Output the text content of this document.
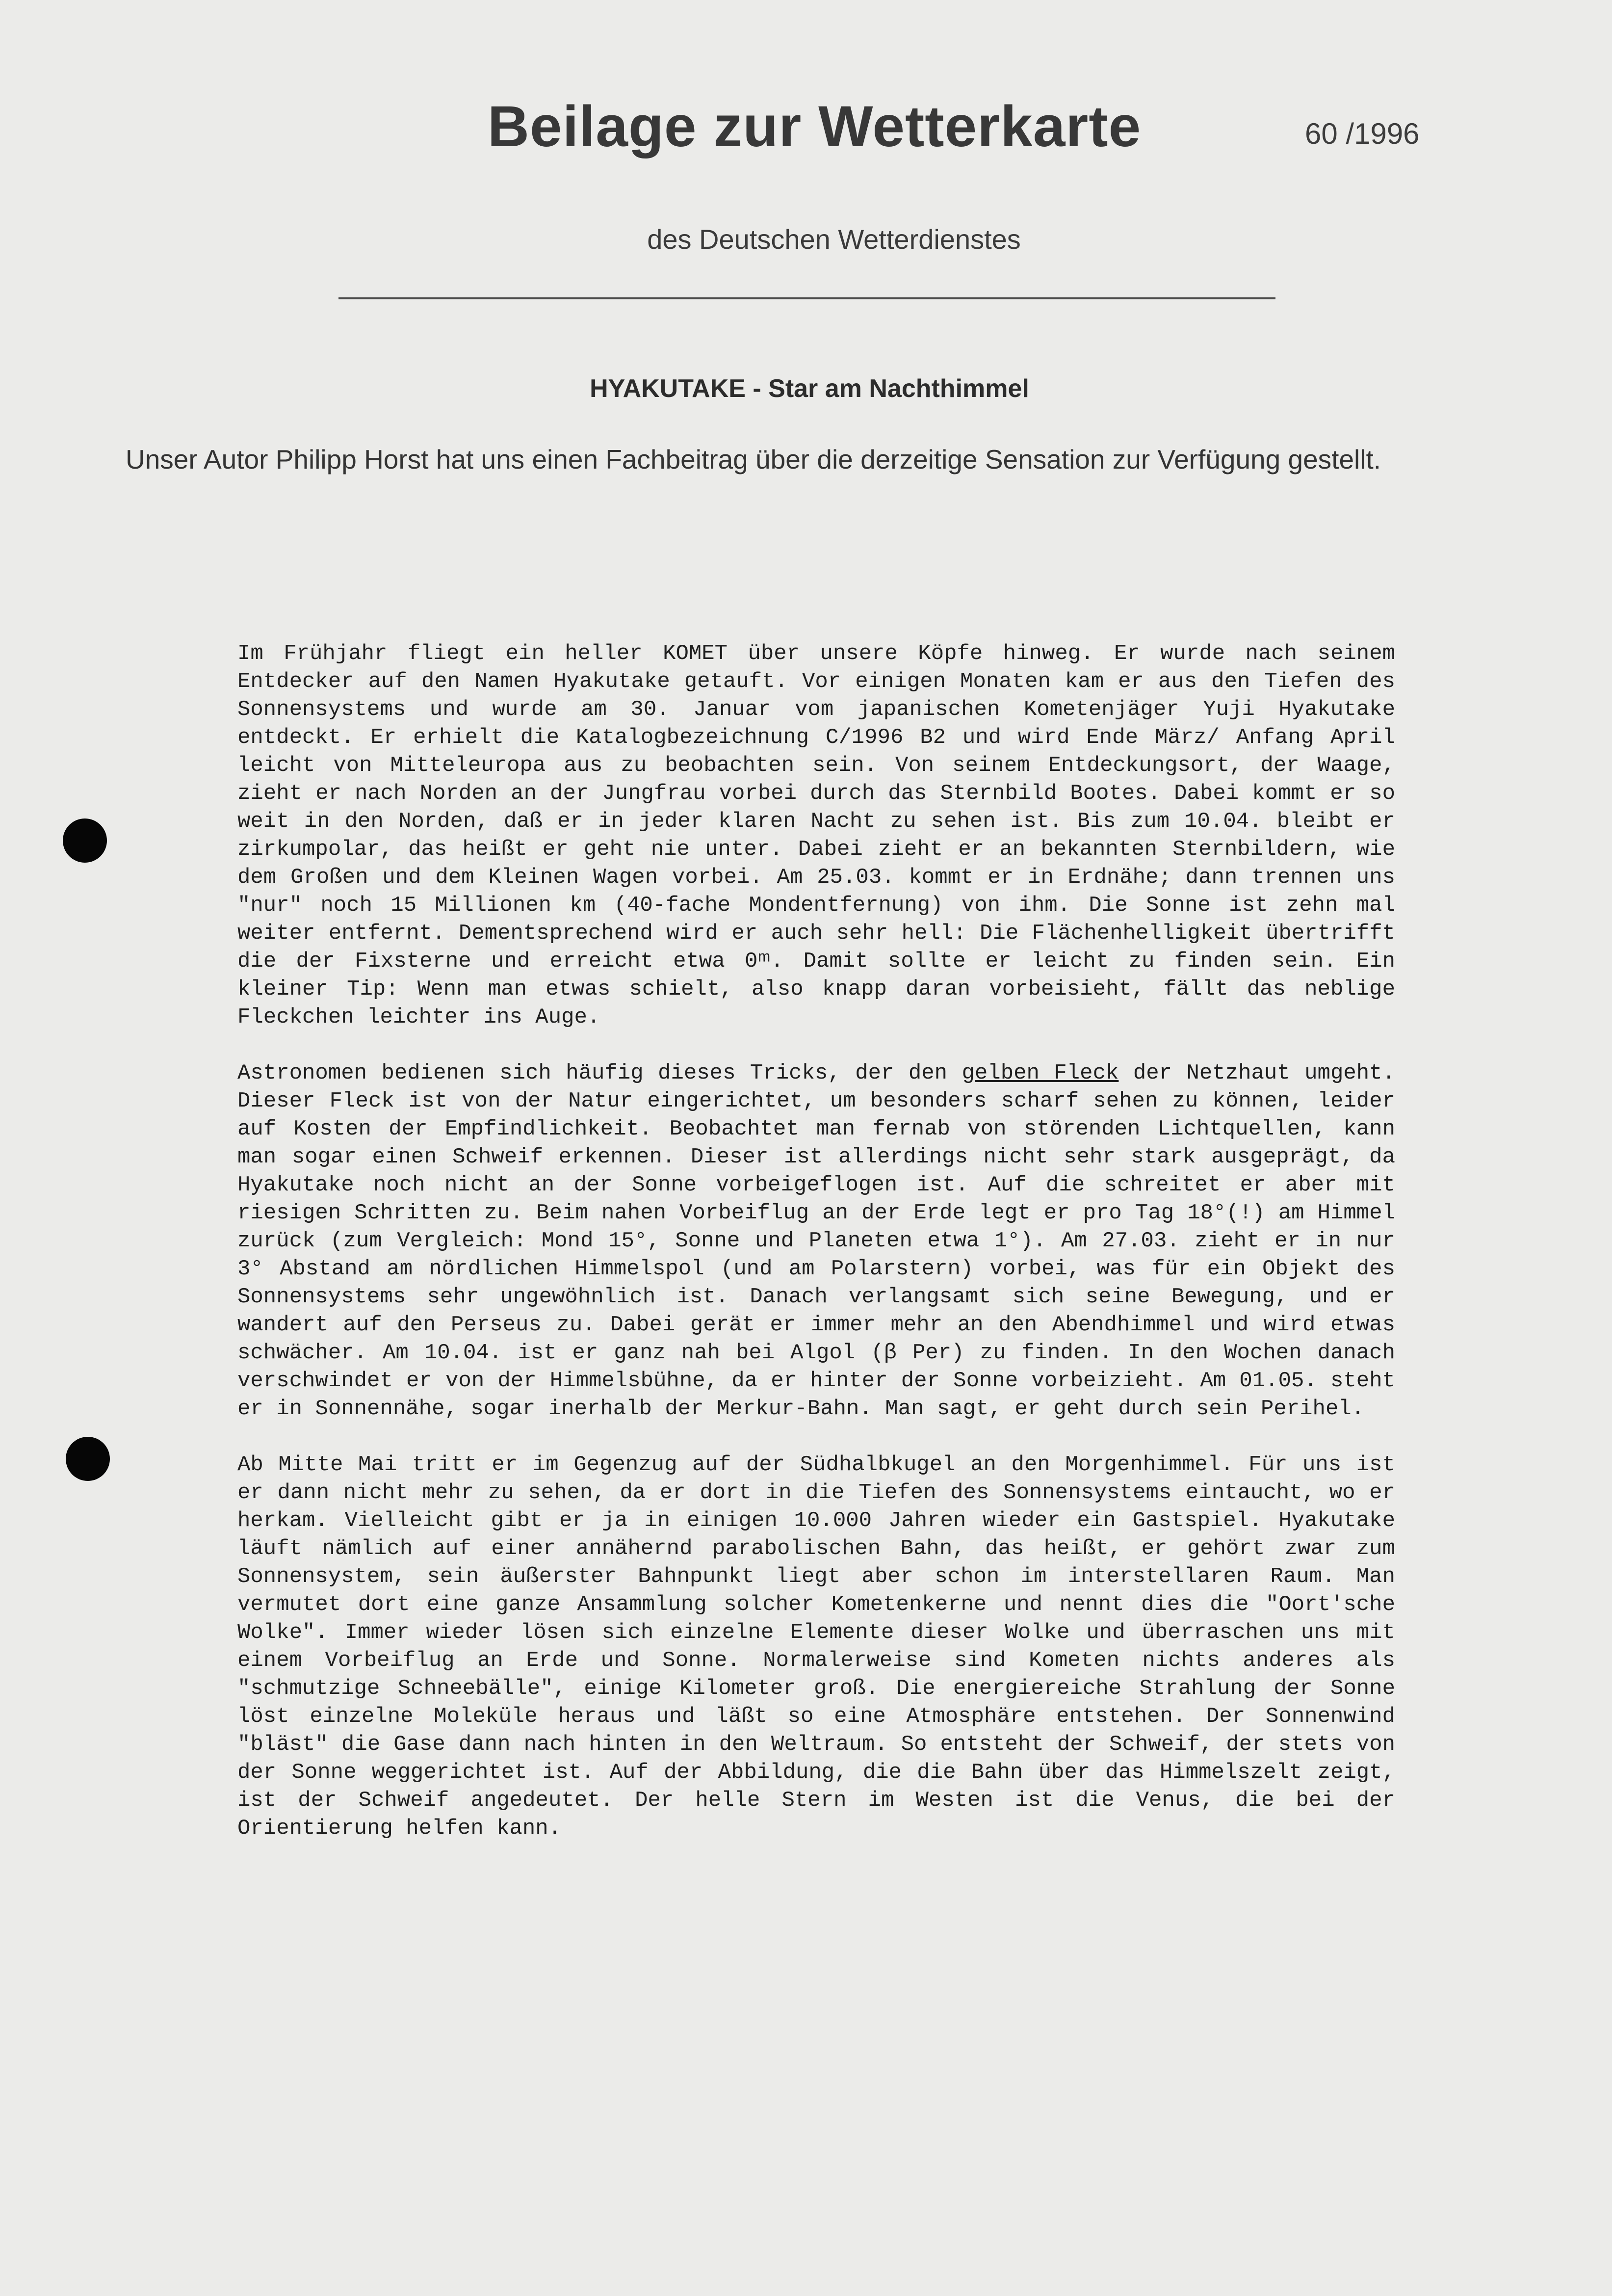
Beilage zur Wetterkarte	60 /1996
des Deutschen Wetterdienstes
HYAKUTAKE - Star am Nachthimmel
Unser Autor Philipp Horst hat uns einen Fachbeitrag über die derzeitige Sensation zur Verfügung gestellt.

Im Frühjahr fliegt ein heller KOMET über unsere Köpfe hinweg. Er wurde nach seinem Entdecker auf den Namen Hyakutake getauft. Vor einigen Monaten kam er aus den Tiefen des Sonnensystems und wurde am 30. Januar vom japanischen Kometenjäger Yuji Hyakutake entdeckt. Er erhielt die Katalogbezeichnung C/1996 B2 und wird Ende März/ Anfang April leicht von Mitteleuropa aus zu beobachten sein. Von seinem Entdeckungsort, der Waage, zieht er nach Norden an der Jungfrau vorbei durch das Sternbild Bootes. Dabei kommt er so weit in den Norden, daß er in jeder klaren Nacht zu sehen ist. Bis zum 10.04. bleibt er zirkumpolar, das heißt er geht nie unter. Dabei zieht er an bekannten Sternbildern, wie dem Großen und dem Kleinen Wagen vorbei. Am 25.03. kommt er in Erdnähe; dann trennen uns "nur" noch 15 Millionen km (40-fache Mondentfernung) von ihm. Die Sonne ist zehn mal weiter entfernt. Dementsprechend wird er auch sehr hell: Die Flächenhelligkeit übertrifft die der Fixsterne und erreicht etwa 0ᵐ. Damit sollte er leicht zu finden sein. Ein kleiner Tip: Wenn man etwas schielt, also knapp daran vorbeisieht, fällt das neblige Fleckchen leichter ins Auge.

Astronomen bedienen sich häufig dieses Tricks, der den gelben Fleck der Netzhaut umgeht. Dieser Fleck ist von der Natur eingerichtet, um besonders scharf sehen zu können, leider auf Kosten der Empfindlichkeit. Beobachtet man fernab von störenden Lichtquellen, kann man sogar einen Schweif erkennen. Dieser ist allerdings nicht sehr stark ausgeprägt, da Hyakutake noch nicht an der Sonne vorbeigeflogen ist. Auf die schreitet er aber mit riesigen Schritten zu. Beim nahen Vorbeiflug an der Erde legt er pro Tag 18°(!) am Himmel zurück (zum Vergleich: Mond 15°, Sonne und Planeten etwa 1°). Am 27.03. zieht er in nur 3° Abstand am nördlichen Himmelspol (und am Polarstern) vorbei, was für ein Objekt des Sonnensystems sehr ungewöhnlich ist. Danach verlangsamt sich seine Bewegung, und er wandert auf den Perseus zu. Dabei gerät er immer mehr an den Abendhimmel und wird etwas schwächer. Am 10.04. ist er ganz nah bei Algol (β Per) zu finden. In den Wochen danach verschwindet er von der Himmelsbühne, da er hinter der Sonne vorbeizieht. Am 01.05. steht er in Sonnennähe, sogar inerhalb der Merkur-Bahn. Man sagt, er geht durch sein Perihel.

Ab Mitte Mai tritt er im Gegenzug auf der Südhalbkugel an den Morgenhimmel. Für uns ist er dann nicht mehr zu sehen, da er dort in die Tiefen des Sonnensystems eintaucht, wo er herkam. Vielleicht gibt er ja in einigen 10.000 Jahren wieder ein Gastspiel. Hyakutake läuft nämlich auf einer annähernd parabolischen Bahn, das heißt, er gehört zwar zum Sonnensystem, sein äußerster Bahnpunkt liegt aber schon im interstellaren Raum. Man vermutet dort eine ganze Ansammlung solcher Kometenkerne und nennt dies die "Oort'sche Wolke". Immer wieder lösen sich einzelne Elemente dieser Wolke und überraschen uns mit einem Vorbeiflug an Erde und Sonne. Normalerweise sind Kometen nichts anderes als "schmutzige Schneebälle", einige Kilometer groß. Die energiereiche Strahlung der Sonne löst einzelne Moleküle heraus und läßt so eine Atmosphäre entstehen. Der Sonnenwind "bläst" die Gase dann nach hinten in den Weltraum. So entsteht der Schweif, der stets von der Sonne weggerichtet ist. Auf der Abbildung, die die Bahn über das Himmelszelt zeigt, ist der Schweif angedeutet. Der helle Stern im Westen ist die Venus, die bei der Orientierung helfen kann.
